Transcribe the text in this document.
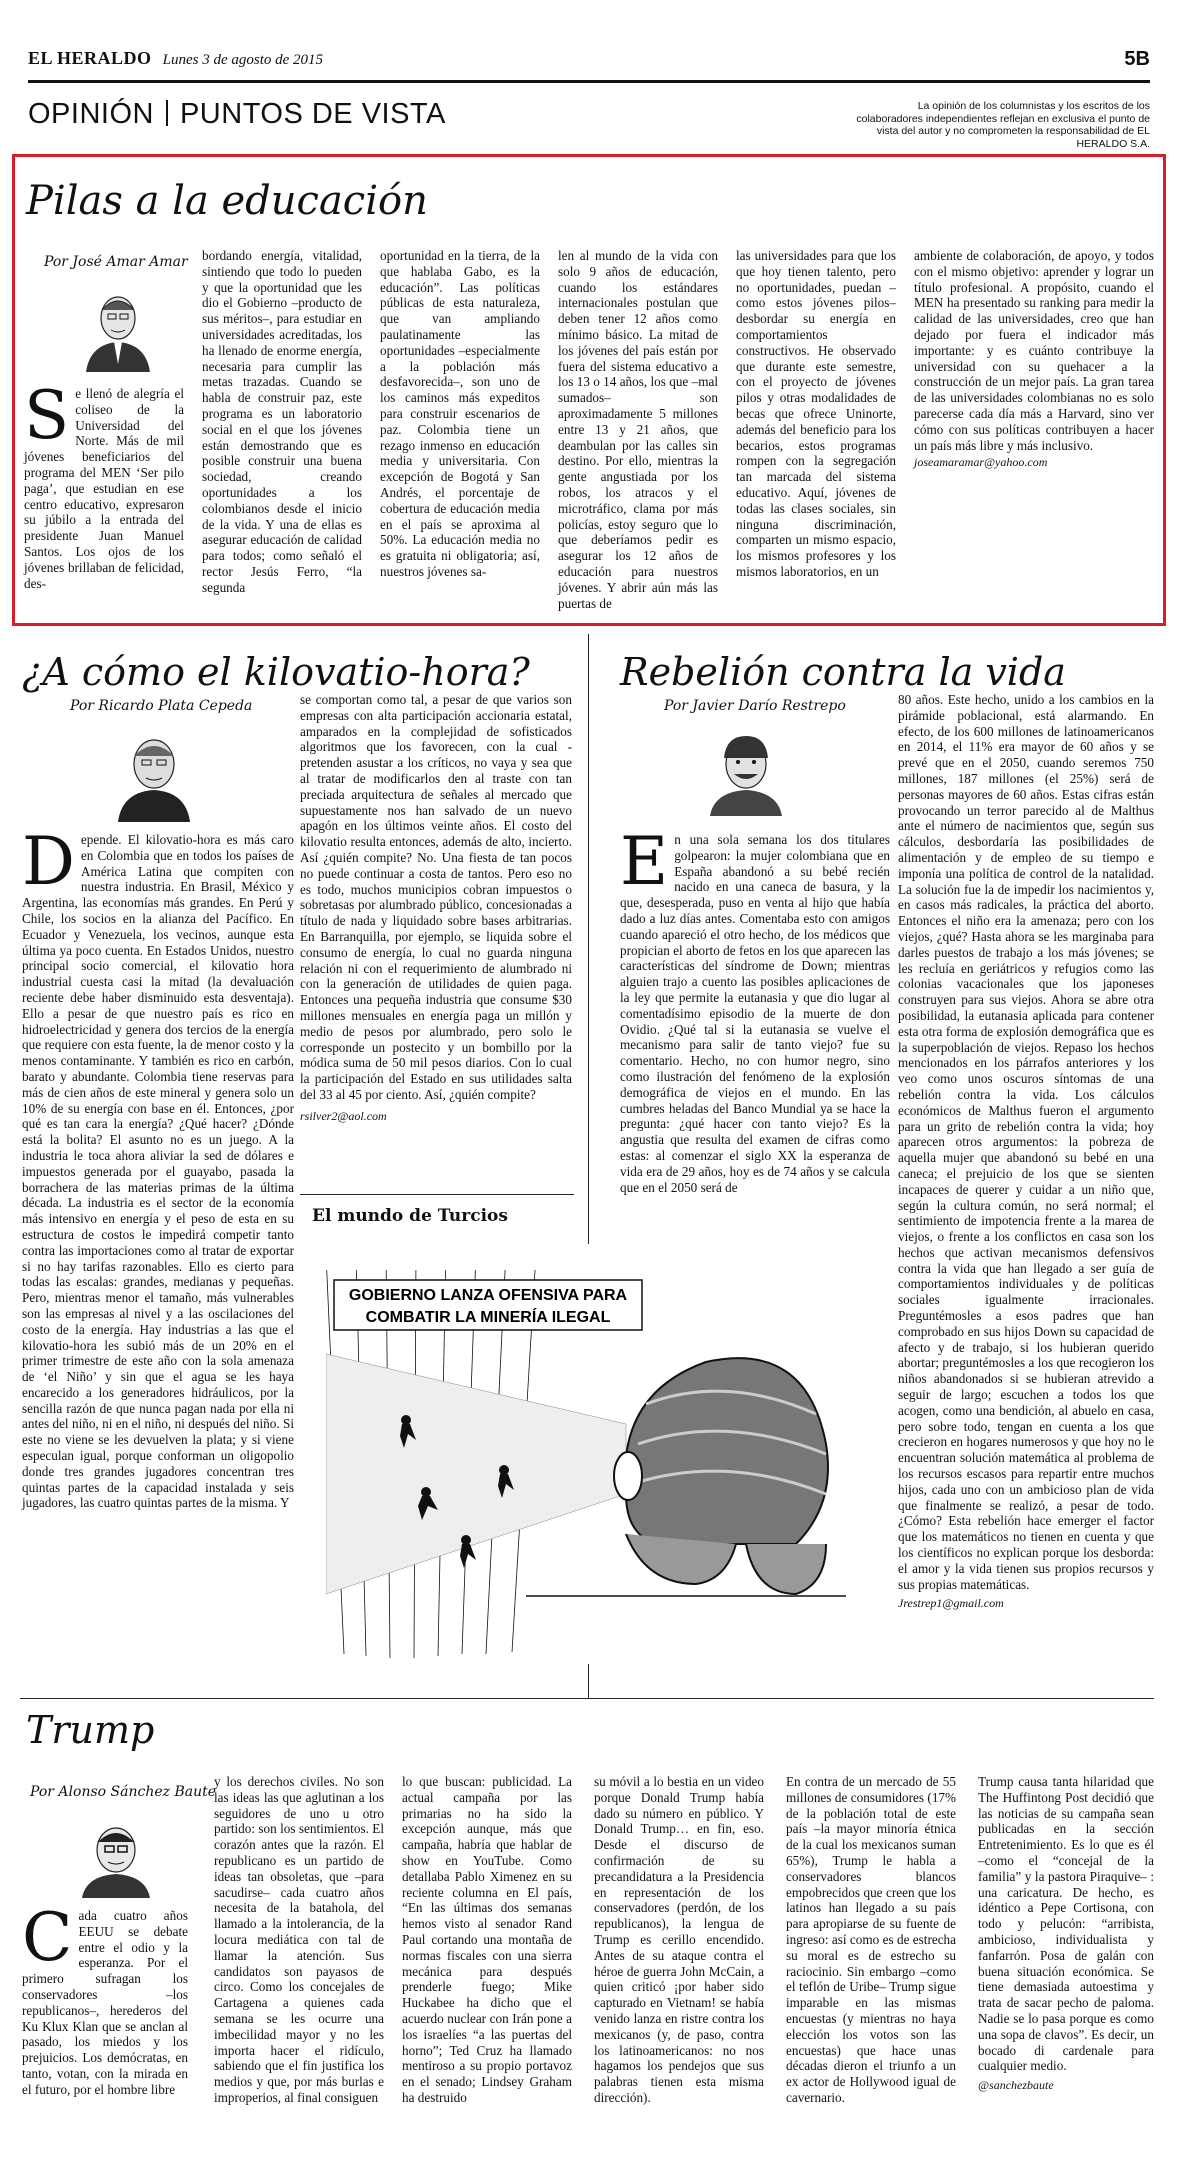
EL HERALDO Lunes 3 de agosto de 2015	5B
OPINIÓN PUNTOS DE VISTA	La opinión de los columnistas y los escritos de los colaboradores independientes reflejan en exclusiva el punto de vista del autor y no comprometen la responsabilidad de EL HERALDO S.A.
Pilas a la educación
Por José Amar Amar
Se llenó de alegría el coliseo de la Universidad del Norte. Más de mil jóvenes beneficiarios del programa del MEN ‘Ser pilo paga’, que estudian en ese centro educativo, expresaron su júbilo a la entrada del presidente Juan Manuel Santos. Los ojos de los jóvenes brillaban de felicidad, des-
bordando energía, vitalidad, sintiendo que todo lo pueden y que la oportunidad que les dio el Gobierno –producto de sus méritos–, para estudiar en universidades acreditadas, los ha llenado de enorme energía, necesaria para cumplir las metas trazadas. Cuando se habla de construir paz, este programa es un laboratorio social en el que los jóvenes están demostrando que es posible construir una buena sociedad, creando oportunidades a los colombianos desde el inicio de la vida. Y una de ellas es asegurar educación de calidad para todos; como señaló el rector Jesús Ferro, “la segunda
oportunidad en la tierra, de la que hablaba Gabo, es la educación”. Las políticas públicas de esta naturaleza, que van ampliando paulatinamente las oportunidades –especialmente a la población más desfavorecida–, son uno de los caminos más expeditos para construir escenarios de paz. Colombia tiene un rezago inmenso en educación media y universitaria. Con excepción de Bogotá y San Andrés, el porcentaje de cobertura de educación media en el país se aproxima al 50%. La educación media no es gratuita ni obligatoria; así, nuestros jóvenes sa-
len al mundo de la vida con solo 9 años de educación, cuando los estándares internacionales postulan que deben tener 12 años como mínimo básico. La mitad de los jóvenes del país están por fuera del sistema educativo a los 13 o 14 años, los que –mal sumados– son aproximadamente 5 millones entre 13 y 21 años, que deambulan por las calles sin destino. Por ello, mientras la gente angustiada por los robos, los atracos y el microtráfico, clama por más policías, estoy seguro que lo que deberíamos pedir es asegurar los 12 años de educación para nuestros jóvenes. Y abrir aún más las puertas de
las universidades para que los que hoy tienen talento, pero no oportunidades, puedan –como estos jóvenes pilos– desbordar su energía en comportamientos constructivos. He observado que durante este semestre, con el proyecto de jóvenes pilos y otras modalidades de becas que ofrece Uninorte, además del beneficio para los becarios, estos programas rompen con la segregación tan marcada del sistema educativo. Aquí, jóvenes de todas las clases sociales, sin ninguna discriminación, comparten un mismo espacio, los mismos profesores y los mismos laboratorios, en un
ambiente de colaboración, de apoyo, y todos con el mismo objetivo: aprender y lograr un título profesional. A propósito, cuando el MEN ha presentado su ranking para medir la calidad de las universidades, creo que han dejado por fuera el indicador más importante: y es cuánto contribuye la universidad con su quehacer a la construcción de un mejor país. La gran tarea de las universidades colombianas no es solo parecerse cada día más a Harvard, sino ver cómo con sus políticas contribuyen a hacer un país más libre y más inclusivo.
joseamaramar@yahoo.com
¿A cómo el kilovatio-hora?
Por Ricardo Plata Cepeda
Depende. El kilovatio-hora es más caro en Colombia que en todos los países de América Latina que compiten con nuestra industria. En Brasil, México y Argentina, las economías más grandes. En Perú y Chile, los socios en la alianza del Pacífico. En Ecuador y Venezuela, los vecinos, aunque esta última ya poco cuenta. En Estados Unidos, nuestro principal socio comercial, el kilovatio hora industrial cuesta casi la mitad (la devaluación reciente debe haber disminuido esta desventaja). Ello a pesar de que nuestro país es rico en hidroelectricidad y genera dos tercios de la energía que requiere con esta fuente, la de menor costo y la menos contaminante. Y también es rico en carbón, barato y abundante. Colombia tiene reservas para más de cien años de este mineral y genera solo un 10% de su energía con base en él. Entonces, ¿por qué es tan cara la energía? ¿Qué hacer? ¿Dónde está la bolita? El asunto no es un juego. A la industria le toca ahora aliviar la sed de dólares e impuestos generada por el guayabo, pasada la borrachera de las materias primas de la última década. La industria es el sector de la economía más intensivo en energía y el peso de esta en su estructura de costos le impedirá competir tanto contra las importaciones como al tratar de exportar si no hay tarifas razonables. Ello es cierto para todas las escalas: grandes, medianas y pequeñas. Pero, mientras menor el tamaño, más vulnerables son las empresas al nivel y a las oscilaciones del costo de la energía. Hay industrias a las que el kilovatio-hora les subió más de un 20% en el primer trimestre de este año con la sola amenaza de ‘el Niño’ y sin que el agua se les haya encarecido a los generadores hidráulicos, por la sencilla razón de que nunca pagan nada por ella ni antes del niño, ni en el niño, ni después del niño. Si este no viene se les devuelven la plata; y si viene especulan igual, porque conforman un oligopolio donde tres grandes jugadores concentran tres quintas partes de la capacidad instalada y seis jugadores, las cuatro quintas partes de la misma. Y
se comportan como tal, a pesar de que varios son empresas con alta participación accionaria estatal, amparados en la complejidad de sofisticados algoritmos que los favorecen, con la cual -pretenden asustar a los críticos, no vaya y sea que al tratar de modificarlos den al traste con tan preciada arquitectura de señales al mercado que supuestamente nos han salvado de un nuevo apagón en los últimos veinte años. El costo del kilovatio resulta entonces, además de alto, incierto. Así ¿quién compite? No. Una fiesta de tan pocos no puede continuar a costa de tantos. Pero eso no es todo, muchos municipios cobran impuestos o sobretasas por alumbrado público, concesionadas a título de nada y liquidado sobre bases arbitrarias. En Barranquilla, por ejemplo, se liquida sobre el consumo de energía, lo cual no guarda ninguna relación ni con el requerimiento de alumbrado ni con la generación de utilidades de quien paga. Entonces una pequeña industria que consume $30 millones mensuales en energía paga un millón y medio de pesos por alumbrado, pero solo le corresponde un postecito y un bombillo por la módica suma de 50 mil pesos diarios. Con lo cual la participación del Estado en sus utilidades salta del 33 al 45 por ciento. Así, ¿quién compite?
rsilver2@aol.com
El mundo de Turcios
GOBIERNO LANZA OFENSIVA PARA
COMBATIR LA MINERÍA ILEGAL
Rebelión contra la vida
Por Javier Darío Restrepo
En una sola semana los dos titulares golpearon: la mujer colombiana que en España abandonó a su bebé recién nacido en una caneca de basura, y la que, desesperada, puso en venta al hijo que había dado a luz días antes. Comentaba esto con amigos cuando apareció el otro hecho, de los médicos que propician el aborto de fetos en los que aparecen las características del síndrome de Down; mientras alguien trajo a cuento las posibles aplicaciones de la ley que permite la eutanasia y que dio lugar al comentadísimo episodio de la muerte de don Ovidio. ¿Qué tal si la eutanasia se vuelve el mecanismo para salir de tanto viejo? fue su comentario. Hecho, no con humor negro, sino como ilustración del fenómeno de la explosión demográfica de viejos en el mundo. En las cumbres heladas del Banco Mundial ya se hace la pregunta: ¿qué hacer con tanto viejo? Es la angustia que resulta del examen de cifras como estas: al comenzar el siglo XX la esperanza de vida era de 29 años, hoy es de 74 años y se calcula que en el 2050 será de
80 años. Este hecho, unido a los cambios en la pirámide poblacional, está alarmando. En efecto, de los 600 millones de latinoamericanos en 2014, el 11% era mayor de 60 años y se prevé que en el 2050, cuando seremos 750 millones, 187 millones (el 25%) será de personas mayores de 60 años. Estas cifras están provocando un terror parecido al de Malthus ante el número de nacimientos que, según sus cálculos, desbordaría las posibilidades de alimentación y de empleo de su tiempo e imponía una política de control de la natalidad. La solución fue la de impedir los nacimientos y, en casos más radicales, la práctica del aborto. Entonces el niño era la amenaza; pero con los viejos, ¿qué? Hasta ahora se les marginaba para darles puestos de trabajo a los más jóvenes; se les recluía en geriátricos y refugios como las colonias vacacionales que los japoneses construyen para sus viejos. Ahora se abre otra posibilidad, la eutanasia aplicada para contener esta otra forma de explosión demográfica que es la superpoblación de viejos. Repaso los hechos mencionados en los párrafos anteriores y los veo como unos oscuros síntomas de una rebelión contra la vida. Los cálculos económicos de Malthus fueron el argumento para un grito de rebelión contra la vida; hoy aparecen otros argumentos: la pobreza de aquella mujer que abandonó su bebé en una caneca; el prejuicio de los que se sienten incapaces de querer y cuidar a un niño que, según la cultura común, no será normal; el sentimiento de impotencia frente a la marea de viejos, o frente a los conflictos en casa son los hechos que activan mecanismos defensivos contra la vida que han llegado a ser guía de comportamientos individuales y de políticas sociales igualmente irracionales. Preguntémosles a esos padres que han comprobado en sus hijos Down su capacidad de afecto y de trabajo, si los hubieran querido abortar; preguntémosles a los que recogieron los niños abandonados si se hubieran atrevido a seguir de largo; escuchen a todos los que acogen, como una bendición, al abuelo en casa, pero sobre todo, tengan en cuenta a los que crecieron en hogares numerosos y que hoy no le encuentran solución matemática al problema de los recursos escasos para repartir entre muchos hijos, cada uno con un ambicioso plan de vida que finalmente se realizó, a pesar de todo. ¿Cómo? Esta rebelión hace emerger el factor que los matemáticos no tienen en cuenta y que los científicos no explican porque los desborda: el amor y la vida tienen sus propios recursos y sus propias matemáticas.
Jrestrep1@gmail.com
Trump
Por Alonso Sánchez Baute
Cada cuatro años EEUU se debate entre el odio y la esperanza. Por el primero sufragan los conservadores –los republicanos–, herederos del Ku Klux Klan que se anclan al pasado, los miedos y los prejuicios. Los demócratas, en tanto, votan, con la mirada en el futuro, por el hombre libre
y los derechos civiles. No son las ideas las que aglutinan a los seguidores de uno u otro partido: son los sentimientos. El corazón antes que la razón. El republicano es un partido de ideas tan obsoletas, que –para sacudirse– cada cuatro años necesita de la batahola, del llamado a la intolerancia, de la locura mediática con tal de llamar la atención. Sus candidatos son payasos de circo. Como los concejales de Cartagena a quienes cada semana se les ocurre una imbecilidad mayor y no les importa hacer el ridículo, sabiendo que el fin justifica los medios y que, por más burlas e improperios, al final consiguen
lo que buscan: publicidad. La actual campaña por las primarias no ha sido la excepción aunque, más que campaña, habría que hablar de show en YouTube. Como detallaba Pablo Ximenez en su reciente columna en El país, “En las últimas dos semanas hemos visto al senador Rand Paul cortando una montaña de normas fiscales con una sierra mecánica para después prenderle fuego; Mike Huckabee ha dicho que el acuerdo nuclear con Irán pone a los israelíes “a las puertas del horno”; Ted Cruz ha llamado mentiroso a su propio portavoz en el senado; Lindsey Graham ha destruido
su móvil a lo bestia en un video porque Donald Trump había dado su número en público. Y Donald Trump… en fin, eso. Desde el discurso de confirmación de su precandidatura a la Presidencia en representación de los conservadores (perdón, de los republicanos), la lengua de Trump es cerillo encendido. Antes de su ataque contra el héroe de guerra John McCain, a quien criticó ¡por haber sido capturado en Vietnam! se había venido lanza en ristre contra los mexicanos (y, de paso, contra los latinoamericanos: no nos hagamos los pendejos que sus palabras tienen esta misma dirección).
En contra de un mercado de 55 millones de consumidores (17% de la población total de este país –la mayor minoría étnica de la cual los mexicanos suman 65%), Trump le habla a conservadores blancos empobrecidos que creen que los latinos han llegado a su país para apropiarse de su fuente de ingreso: así como es de estrecha su moral es de estrecho su raciocinio. Sin embargo –como el teflón de Uribe– Trump sigue imparable en las mismas encuestas (y mientras no haya elección los votos son las encuestas) que hace unas décadas dieron el triunfo a un ex actor de Hollywood igual de cavernario.
Trump causa tanta hilaridad que The Huffintong Post decidió que las noticias de su campaña sean publicadas en la sección Entretenimiento. Es lo que es él –como el “concejal de la familia” y la pastora Piraquive– : una caricatura. De hecho, es idéntico a Pepe Cortisona, con todo y pelucón: “arribista, ambicioso, individualista y fanfarrón. Posa de galán con buena situación económica. Se tiene demasiada autoestima y trata de sacar pecho de paloma. Nadie se lo pasa porque es como una sopa de clavos”. Es decir, un bocado di cardenale para cualquier medio.
@sanchezbaute
